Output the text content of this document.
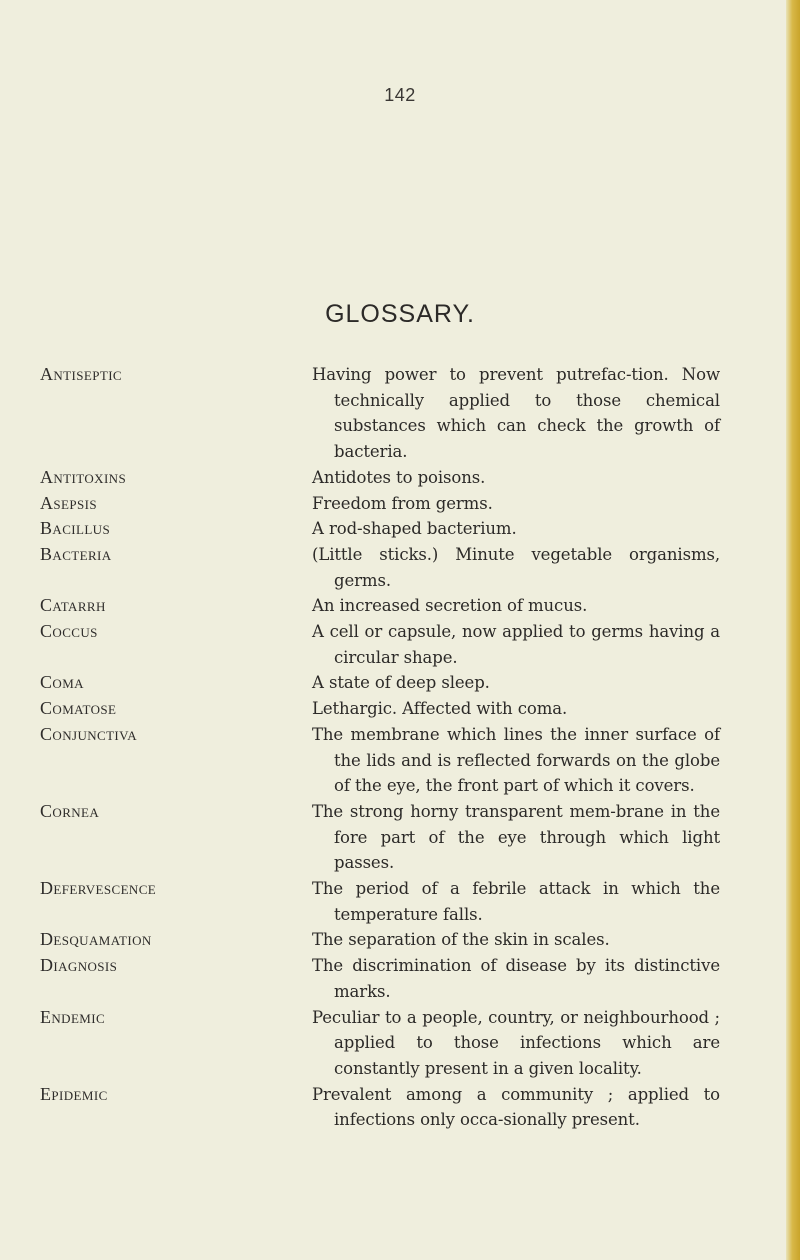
142
GLOSSARY.
Antiseptic	Having power to prevent putrefac-tion. Now technically applied to those chemical substances which can check the growth of bacteria.
Antitoxins	Antidotes to poisons.
Asepsis	Freedom from germs.
Bacillus	A rod-shaped bacterium.
Bacteria	(Little sticks.) Minute vegetable organisms, germs.
Catarrh	An increased secretion of mucus.
Coccus	A cell or capsule, now applied to germs having a circular shape.
Coma	A state of deep sleep.
Comatose	Lethargic. Affected with coma.
Conjunctiva	The membrane which lines the inner surface of the lids and is reflected forwards on the globe of the eye, the front part of which it covers.
Cornea	The strong horny transparent mem-brane in the fore part of the eye through which light passes.
Defervescence	The period of a febrile attack in which the temperature falls.
Desquamation	The separation of the skin in scales.
Diagnosis	The discrimination of disease by its distinctive marks.
Endemic	Peculiar to a people, country, or neighbourhood ; applied to those infections which are constantly present in a given locality.
Epidemic	Prevalent among a community ; applied to infections only occa-sionally present.
